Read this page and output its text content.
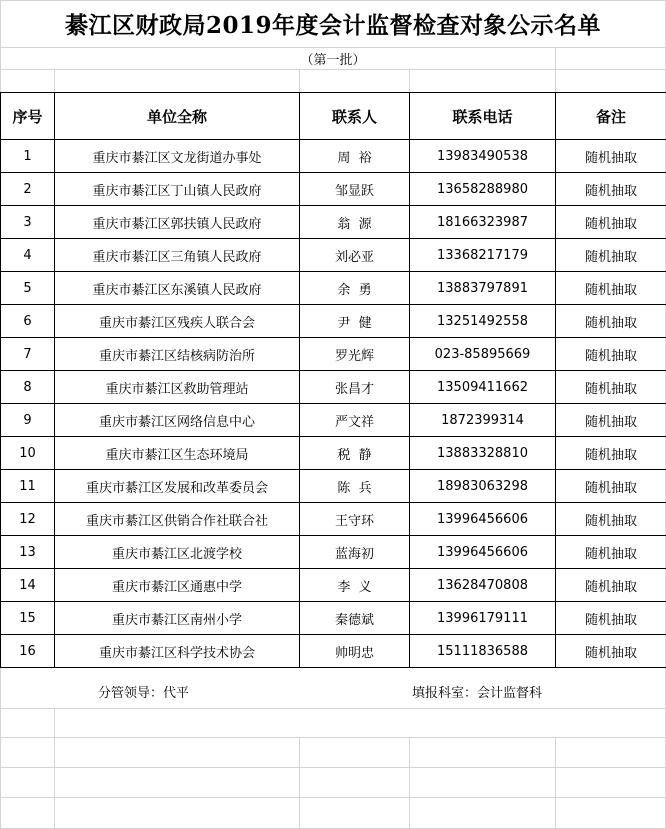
綦江区财政局2019年度会计监督检查对象公示名单
（第一批）
序号	单位全称	联系人	联系电话	备注
1	重庆市綦江区文龙街道办事处	周  裕	13983490538	随机抽取
2	重庆市綦江区丁山镇人民政府	邹显跃	13658288980	随机抽取
3	重庆市綦江区郭扶镇人民政府	翁  源	18166323987	随机抽取
4	重庆市綦江区三角镇人民政府	刘必亚	13368217179	随机抽取
5	重庆市綦江区东溪镇人民政府	余  勇	13883797891	随机抽取
6	重庆市綦江区残疾人联合会	尹  健	13251492558	随机抽取
7	重庆市綦江区结核病防治所	罗光辉	023-85895669	随机抽取
8	重庆市綦江区救助管理站	张昌才	13509411662	随机抽取
9	重庆市綦江区网络信息中心	严文祥	1872399314	随机抽取
10	重庆市綦江区生态环境局	税  静	13883328810	随机抽取
11	重庆市綦江区发展和改革委员会	陈  兵	18983063298	随机抽取
12	重庆市綦江区供销合作社联合社	王守环	13996456606	随机抽取
13	重庆市綦江区北渡学校	蓝海初	13996456606	随机抽取
14	重庆市綦江区通惠中学	李  义	13628470808	随机抽取
15	重庆市綦江区南州小学	秦德斌	13996179111	随机抽取
16	重庆市綦江区科学技术协会	帅明忠	15111836588	随机抽取
分管领导：代平	填报科室：会计监督科
